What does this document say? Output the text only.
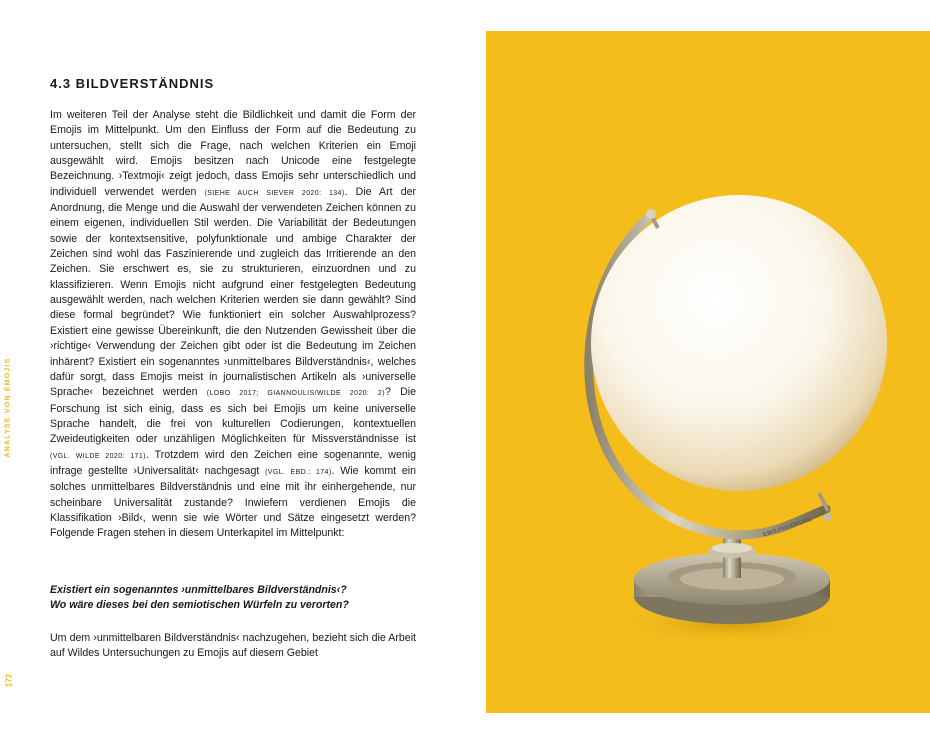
ANALYSE VON EMOJIS
172
4.3 BILDVERSTÄNDNIS

Im weiteren Teil der Analyse steht die Bildlichkeit und damit die Form der Emojis im Mittelpunkt. Um den Einfluss der Form auf die Bedeutung zu untersuchen, stellt sich die Frage, nach welchen Kriterien ein Emoji ausgewählt wird. Emojis besitzen nach Unicode eine festgelegte Bezeichnung. ›Textmoji‹ zeigt jedoch, dass Emojis sehr unterschiedlich und individuell verwendet werden (SIEHE AUCH SIEVER 2020: 134). Die Art der Anordnung, die Menge und die Auswahl der verwendeten Zeichen können zu einem eigenen, individuellen Stil werden. Die Variabilität der Bedeutungen sowie der kontextsensitive, polyfunktionale und ambige Charakter der Zeichen sind wohl das Faszinierende und zugleich das Irritierende an den Zeichen. Sie erschwert es, sie zu strukturieren, einzuordnen und zu klassifizieren. Wenn Emojis nicht aufgrund einer festgelegten Bedeutung ausgewählt werden, nach welchen Kriterien werden sie dann gewählt? Sind diese formal begründet? Wie funktioniert ein solcher Auswahlprozess? Existiert eine gewisse Übereinkunft, die den Nutzenden Gewissheit über die ›richtige‹ Verwendung der Zeichen gibt oder ist die Bedeutung im Zeichen inhärent? Existiert ein sogenanntes ›unmittelbares Bildverständnis‹, welches dafür sorgt, dass Emojis meist in journalistischen Artikeln als ›universelle Sprache‹ bezeichnet werden (LOBO 2017; GIANNOULIS/WILDE 2020: 2)? Die Forschung ist sich einig, dass es sich bei Emojis um keine universelle Sprache handelt, die frei von kulturellen Codierungen, kontextuellen Zweideutigkeiten oder unzähligen Möglichkeiten für Missverständnisse ist (VGL. WILDE 2020: 171). Trotzdem wird den Zeichen eine sogenannte, wenig infrage gestellte ›Universalität‹ nachgesagt (VGL. EBD.: 174). Wie kommt ein solches unmittelbares Bildverständnis und eine mit ihr einhergehende, nur scheinbare Universalität zustande? Inwiefern verdienen Emojis die Klassifikation ›Bild‹, wenn sie wie Wörter und Sätze eingesetzt werden? Folgende Fragen stehen in diesem Unterkapitel im Mittelpunkt:

Existiert ein sogenanntes ›unmittelbares Bildverständnis‹?
Wo wäre dieses bei den semiotischen Würfeln zu verorten?

Um dem ›unmittelbaren Bildverständnis‹ nachzugehen, bezieht sich die Arbeit auf Wildes Untersuchungen zu Emojis auf diesem Gebiet

EMOJIISIERUNG
